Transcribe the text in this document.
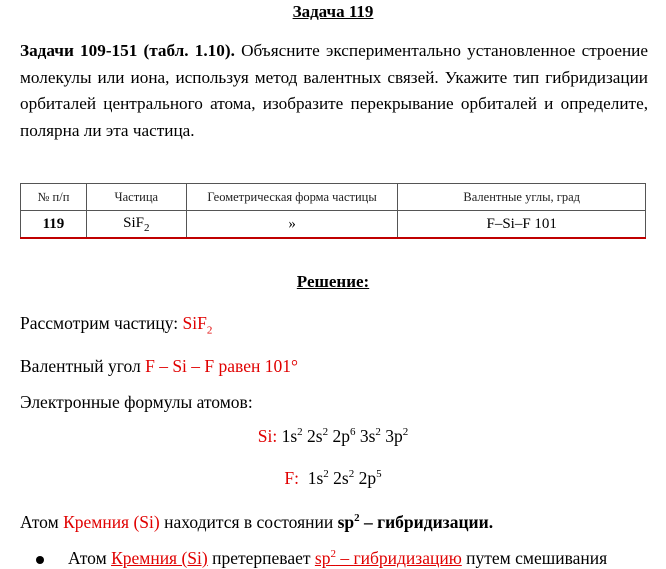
Задача 119
Задачи 109-151 (табл. 1.10). Объясните экспериментально установленное строение молекулы или иона, используя метод валентных связей. Укажите тип гибридизации орбиталей центрального атома, изобразите перекрывание орбиталей и определите, полярна ли эта частица.
№ п/п	Частица	Геометрическая форма частицы	Валентные углы, град
119	SiF$_2$	»	F–Si–F 101
Решение:
Рассмотрим частицу: SiF$_2$
Валентный угол F – Si – F равен 101°
Электронные формулы атомов:
Si: $1s^2$ $2s^2$ $2p^6$ $3s^2$ $3p^2$
F:  $1s^2$ $2s^2$ $2p^5$
Атом Кремния (Si) находится в состоянии $sp^2$ – гибридизации.
Атом Кремния (Si) претерпевает $sp^2$ – гибридизацию путем смешивания
